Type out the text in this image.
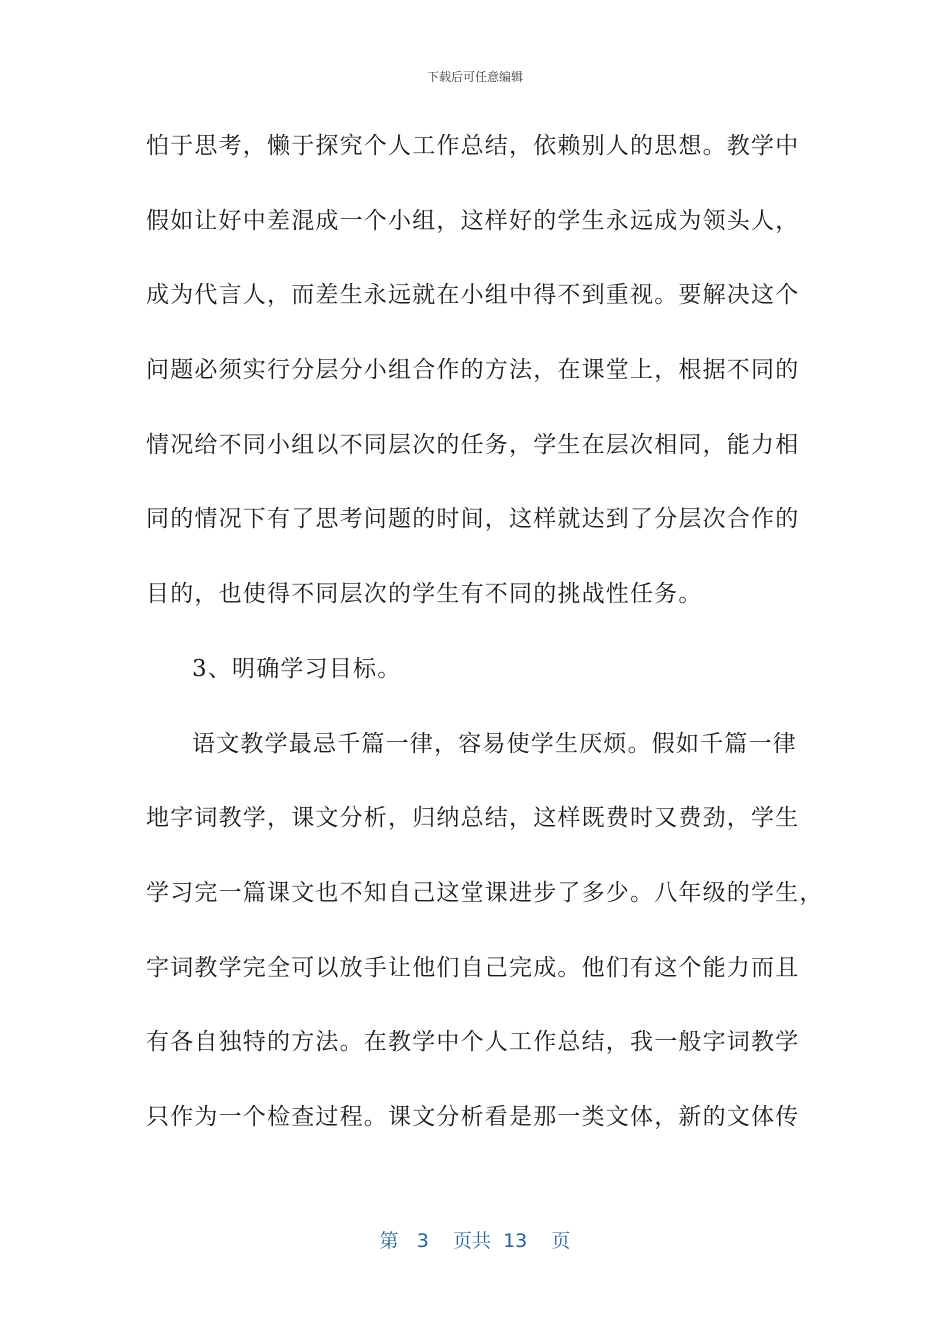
下载后可任意编辑
怕于思考，懒于探究个人工作总结，依赖别人的思想。教学中
假如让好中差混成一个小组，这样好的学生永远成为领头人，
成为代言人，而差生永远就在小组中得不到重视。要解决这个
问题必须实行分层分小组合作的方法，在课堂上，根据不同的
情况给不同小组以不同层次的任务，学生在层次相同，能力相
同的情况下有了思考问题的时间，这样就达到了分层次合作的
目的，也使得不同层次的学生有不同的挑战性任务。
3、明确学习目标。
语文教学最忌千篇一律，容易使学生厌烦。假如千篇一律
地字词教学，课文分析，归纳总结，这样既费时又费劲，学生
学习完一篇课文也不知自己这堂课进步了多少。八年级的学生，
字词教学完全可以放手让他们自己完成。他们有这个能力而且
有各自独特的方法。在教学中个人工作总结，我一般字词教学
只作为一个检查过程。课文分析看是那一类文体，新的文体传
第 3 页共 13 页
